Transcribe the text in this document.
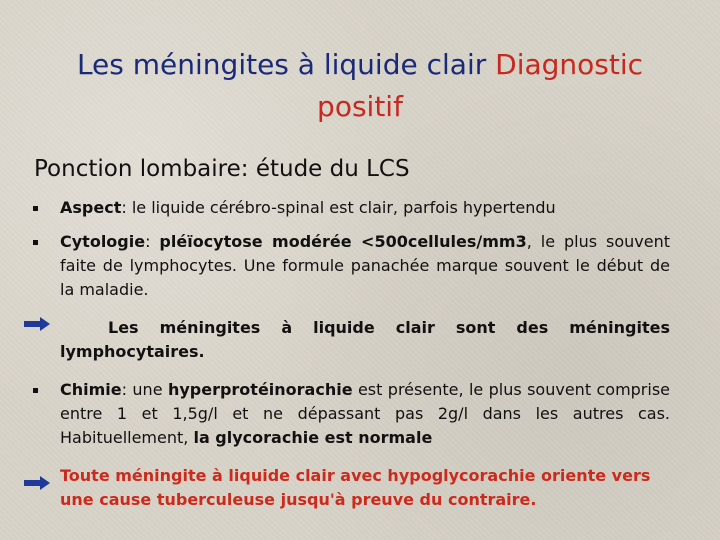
Les méningites à liquide clair Diagnostic positif
Ponction lombaire: étude du LCS
Aspect: le liquide cérébro-spinal est clair, parfois hypertendu
Cytologie: pléïocytose modérée <500cellules/mm3, le plus souvent faite de lymphocytes. Une formule panachée marque souvent le début de la maladie.
Les méningites à liquide clair sont des méningites lymphocytaires.
Chimie: une hyperprotéinorachie est présente, le plus souvent comprise entre 1 et 1,5g/l et ne dépassant pas 2g/l dans les autres cas. Habituellement, la glycorachie est normale
Toute méningite à liquide clair avec hypoglycorachie oriente vers une cause tuberculeuse jusqu'à preuve du contraire.
